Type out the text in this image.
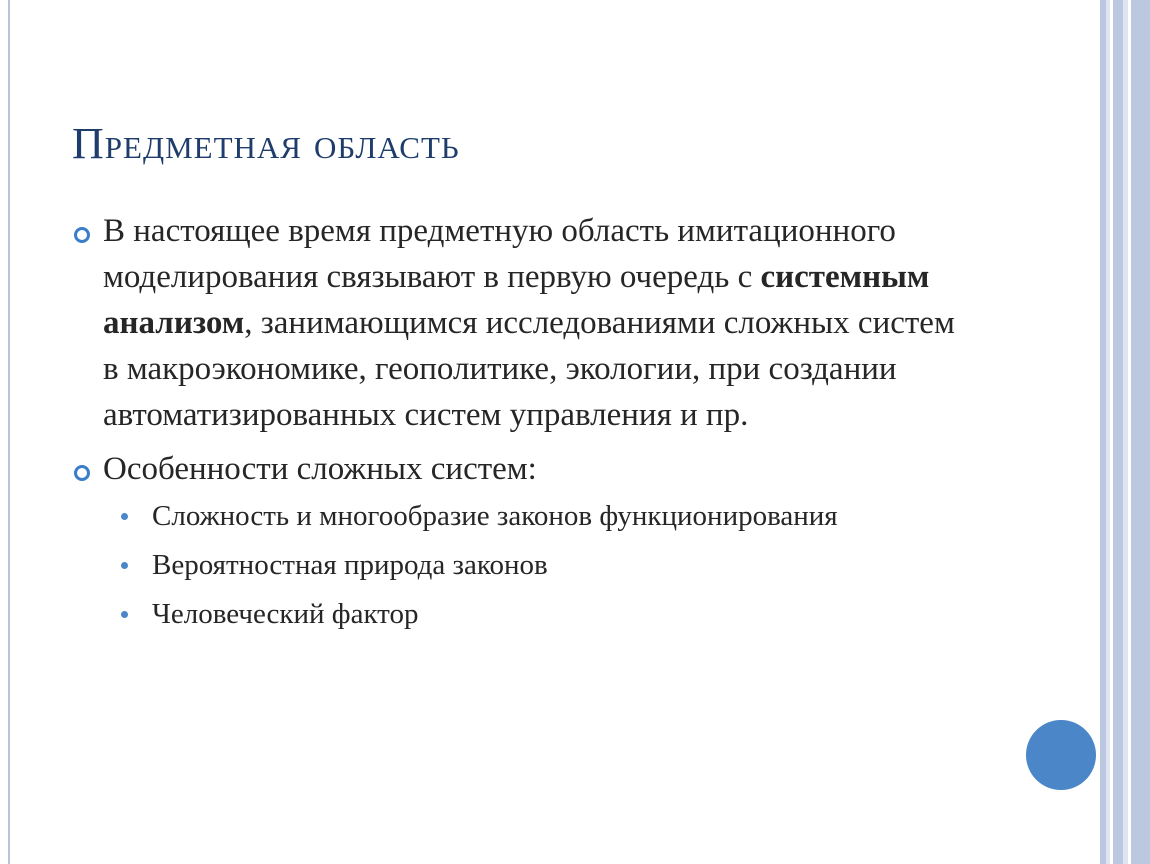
Предметная область
В настоящее время предметную область имитационного моделирования связывают в первую очередь с системным анализом, занимающимся исследованиями сложных систем в макроэкономике, геополитике, экологии, при создании автоматизированных систем управления и пр.
Особенности сложных систем:
Сложность и многообразие законов функционирования
Вероятностная природа законов
Человеческий фактор
